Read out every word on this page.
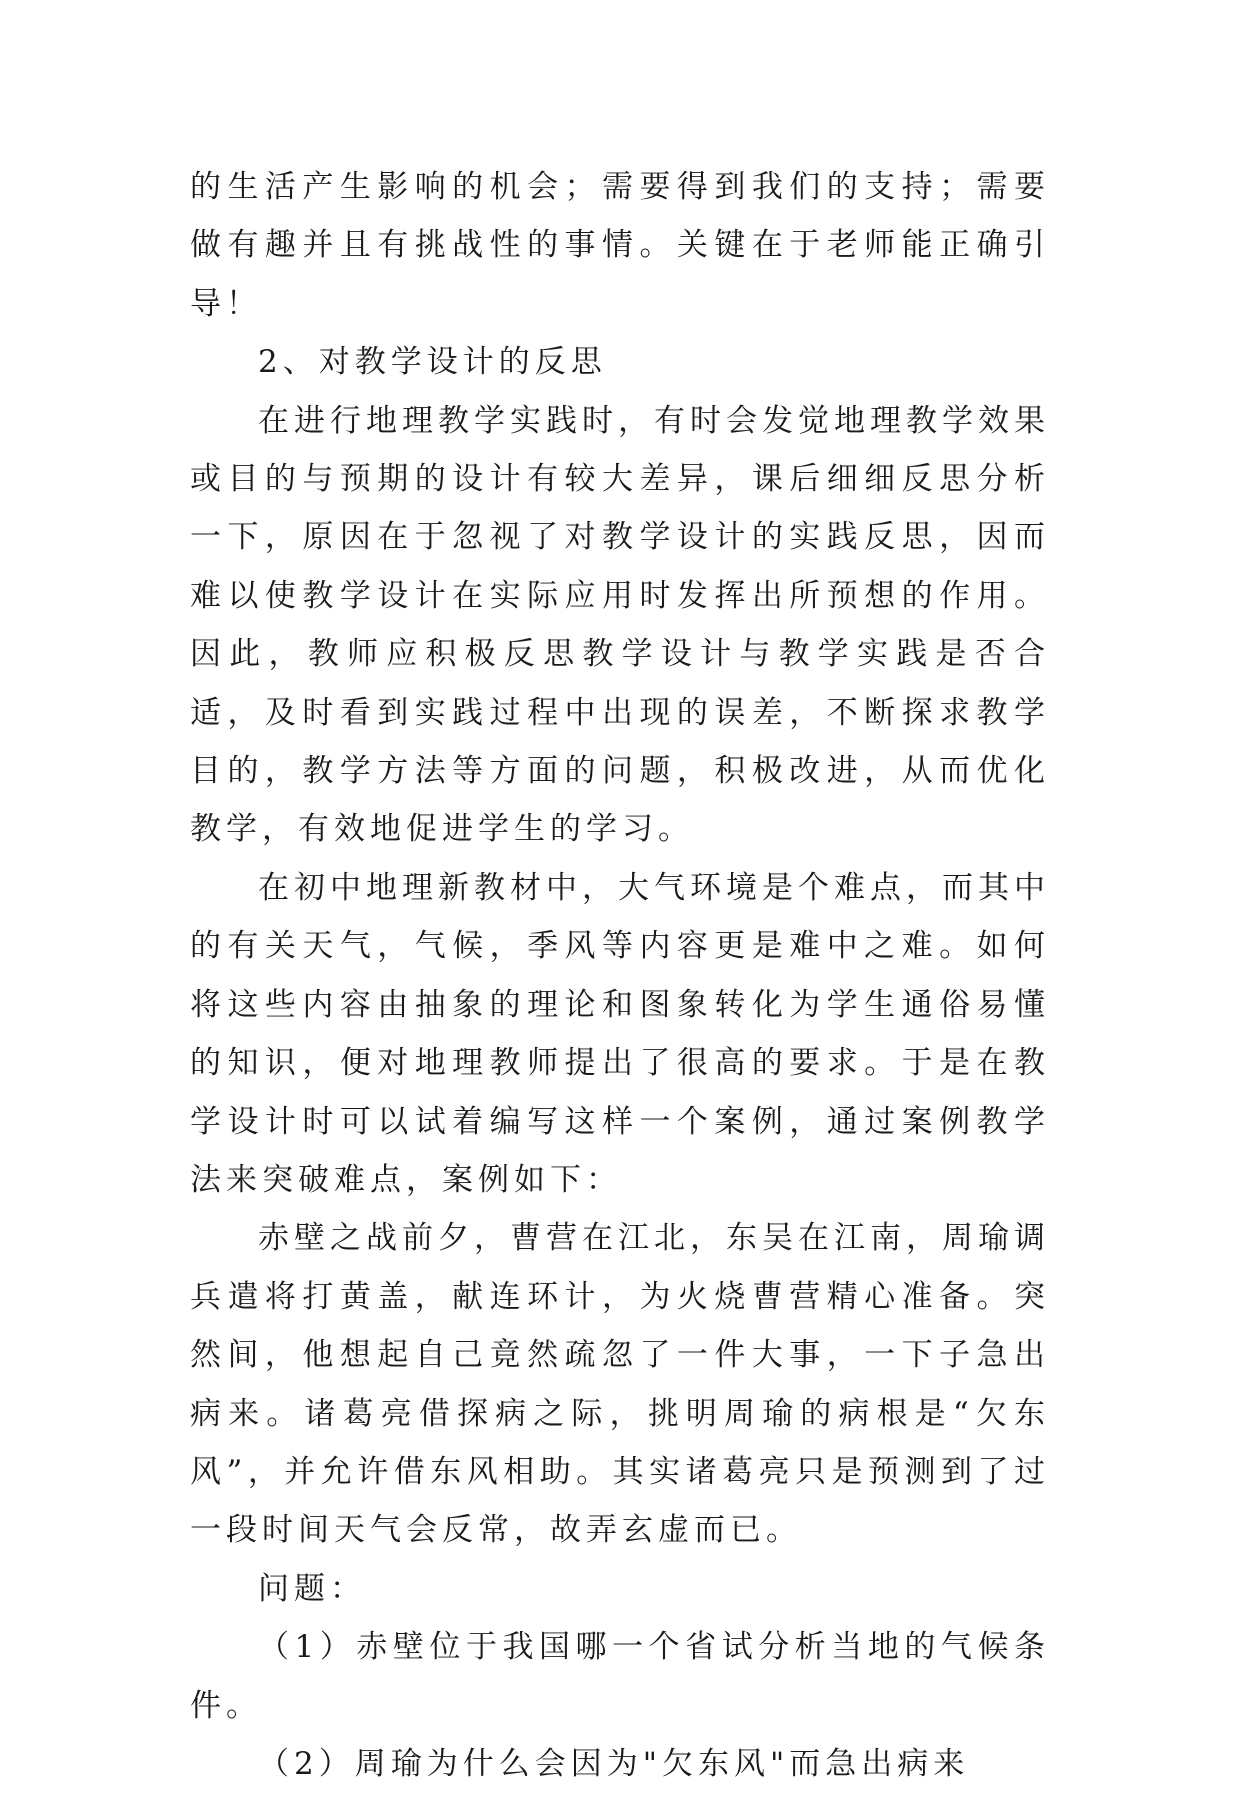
的生活产生影响的机会；需要得到我们的支持；需要做有趣并且有挑战性的事情。关键在于老师能正确引导！

2、对教学设计的反思

在进行地理教学实践时，有时会发觉地理教学效果或目的与预期的设计有较大差异，课后细细反思分析一下，原因在于忽视了对教学设计的实践反思，因而难以使教学设计在实际应用时发挥出所预想的作用。因此，教师应积极反思教学设计与教学实践是否合适，及时看到实践过程中出现的误差，不断探求教学目的，教学方法等方面的问题，积极改进，从而优化教学，有效地促进学生的学习。

在初中地理新教材中，大气环境是个难点，而其中的有关天气，气候，季风等内容更是难中之难。如何将这些内容由抽象的理论和图象转化为学生通俗易懂的知识，便对地理教师提出了很高的要求。于是在教学设计时可以试着编写这样一个案例，通过案例教学法来突破难点，案例如下：

赤壁之战前夕，曹营在江北，东吴在江南，周瑜调兵遣将打黄盖，献连环计，为火烧曹营精心准备。突然间，他想起自己竟然疏忽了一件大事，一下子急出病来。诸葛亮借探病之际，挑明周瑜的病根是“欠东风”，并允许借东风相助。其实诸葛亮只是预测到了过一段时间天气会反常，故弄玄虚而已。

问题：

（1）赤壁位于我国哪一个省试分析当地的气候条件。

（2）周瑜为什么会因为"欠东风"而急出病来
